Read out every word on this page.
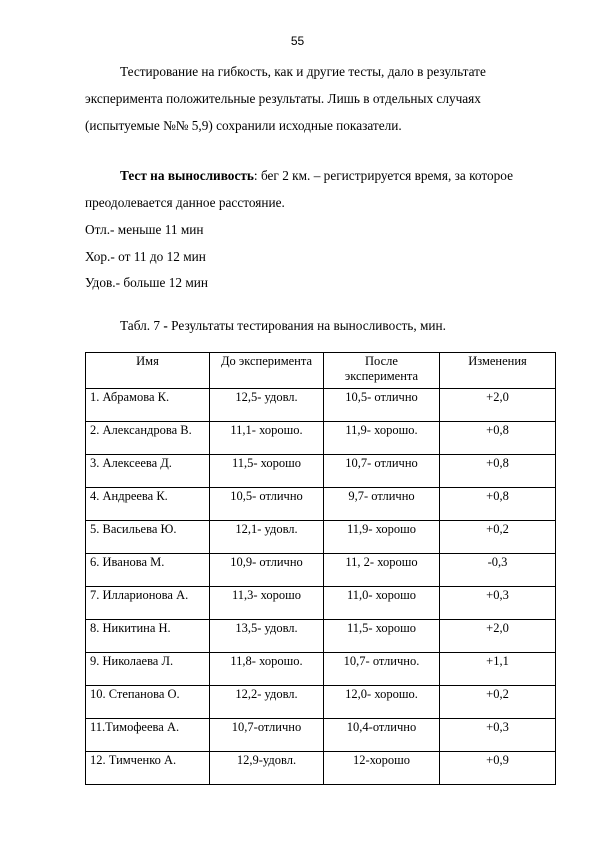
55
Тестирование на гибкость, как и другие тесты, дало в результате
эксперимента положительные результаты. Лишь в отдельных случаях
(испытуемые №№ 5,9) сохранили исходные показатели.
Тест на выносливость: бег 2 км. – регистрируется время, за которое
преодолевается данное расстояние.
Отл.- меньше 11 мин
Хор.- от 11 до 12 мин
Удов.- больше 12 мин
Табл. 7 - Результаты тестирования на выносливость, мин.
Имя	До эксперимента	После эксперимента	Изменения
1. Абрамова К.	12,5- удовл.	10,5- отлично	+2,0
2. Александрова В.	11,1- хорошо.	11,9- хорошо.	+0,8
3. Алексеева Д.	11,5- хорошо	10,7- отлично	+0,8
4. Андреева К.	10,5- отлично	9,7- отлично	+0,8
5. Васильева Ю.	12,1- удовл.	11,9- хорошо	+0,2
6. Иванова М.	10,9- отлично	11, 2- хорошо	-0,3
7. Илларионова А.	11,3- хорошо	11,0- хорошо	+0,3
8. Никитина Н.	13,5- удовл.	11,5- хорошо	+2,0
9. Николаева Л.	11,8- хорошо.	10,7- отлично.	+1,1
10. Степанова О.	12,2- удовл.	12,0- хорошо.	+0,2
11.Тимофеева А.	10,7-отлично	10,4-отлично	+0,3
12. Тимченко А.	12,9-удовл.	12-хорошо	+0,9
